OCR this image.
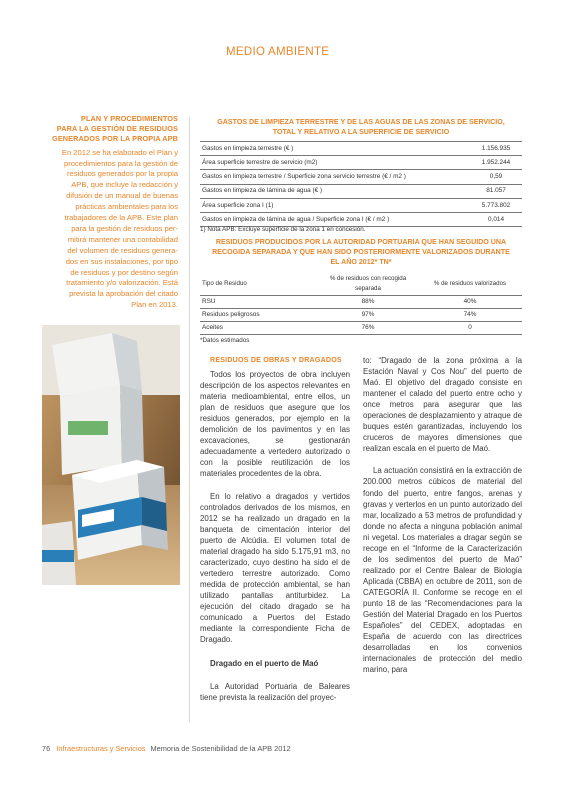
MEDIO AMBIENTE
PLAN Y PROCEDIMIENTOS
PARA LA GESTIÓN DE RESIDUOS
GENERADOS POR LA PROPIA APB
En 2012 se ha elaborado el Plan y
procedimientos para la gestión de
residuos generados por la propia
APB, que incluye la redacción y
difusión de un manual de buenas
prácticas ambientales para los
trabajadores de la APB. Este plan
para la gestión de residuos per-
mitirá mantener una contabilidad
del volumen de residuos genera-
dos en sus instalaciones, por tipo
de residuos y por destino según
tratamiento y/o valorización. Está
prevista la aprobación del citado
Plan en 2013.
GASTOS DE LIMPIEZA TERRESTRE Y DE LAS AGUAS DE LAS ZONAS DE SERVICIO,
TOTAL Y RELATIVO A LA SUPERFICIE DE SERVICIO
Gastos en limpieza terrestre (€ )	1.156.935
Área superficie terrestre de servicio (m2)	1.952.244
Gastos en limpieza terrestre / Superficie zona servicio terrestre (€ / m2 )	0,59
Gastos en limpieza de lámina de agua (€ )	81.057
Área superficie zona I (1)	5.773.802
Gastos en limpieza de lámina de agua / Superficie zona I (€ / m2 )	0,014
1) Nota APB: Excluye superficie de la zona 1 en concesión.
RESIDUOS PRODUCIDOS POR LA AUTORIDAD PORTUARIA QUE HAN SEGUIDO UNA
RECOGIDA SEPARADA Y QUE HAN SIDO POSTERIORMENTE VALORIZADOS DURANTE
EL AÑO 2012* TN*
Tipo de Residuo	% de residuos con recogida separada	% de residuos valorizados
RSU	88%	40%
Residuos peligrosos	97%	74%
Aceites	76%	0
*Datos estimados
RESIDUOS DE OBRAS Y DRAGADOS

Todos los proyectos de obra incluyen descripción de los aspectos relevantes en materia medioambiental, entre ellos, un plan de residuos que asegure que los residuos generados, por ejemplo en la demolición de los pavimentos y en las excavaciones, se gestionarán adecuadamente a vertedero autorizado o con la posible reutilización de los materiales procedentes de la obra.

En lo relativo a dragados y vertidos controlados derivados de los mismos, en 2012 se ha realizado un dragado en la banqueta de cimentación interior del puerto de Alcúdia. El volumen total de material dragado ha sido 5.175,91 m3, no caracterizado, cuyo destino ha sido el de vertedero terrestre autorizado. Como medida de protección ambiental, se han utilizado pantallas antiturbidez. La ejecución del citado dragado se ha comunicado a Puertos del Estado mediante la correspondiente Ficha de Dragado.

Dragado en el puerto de Maó

La Autoridad Portuaria de Baleares tiene prevista la realización del proyec-

to: “Dragado de la zona próxima a la Estación Naval y Cos Nou” del puerto de Maó. El objetivo del dragado consiste en mantener el calado del puerto entre ocho y once metros para asegurar que las operaciones de desplazamiento y atraque de buques estén garantizadas, incluyendo los cruceros de mayores dimensiones que realizan escala en el puerto de Maó.

La actuación consistirá en la extracción de 200.000 metros cúbicos de material del fondo del puerto, entre fangos, arenas y gravas y verterlos en un punto autorizado del mar, localizado a 53 metros de profundidad y donde no afecta a ninguna población animal ni vegetal. Los materiales a dragar según se recoge en el “Informe de la Caracterización de los sedimentos del puerto de Maó” realizado por el Centre Balear de Biologia Aplicada (CBBA) en octubre de 2011, son de CATEGORÍA II. Conforme se recoge en el punto 18 de las “Recomendaciones para la Gestión del Material Dragado en los Puertos Españoles” del CEDEX, adoptadas en España de acuerdo con las directrices desarrolladas en los convenios internacionales de protección del medio marino, para

76 Infraestructuras y Servicios Memoria de Sostenibilidad de la APB 2012
